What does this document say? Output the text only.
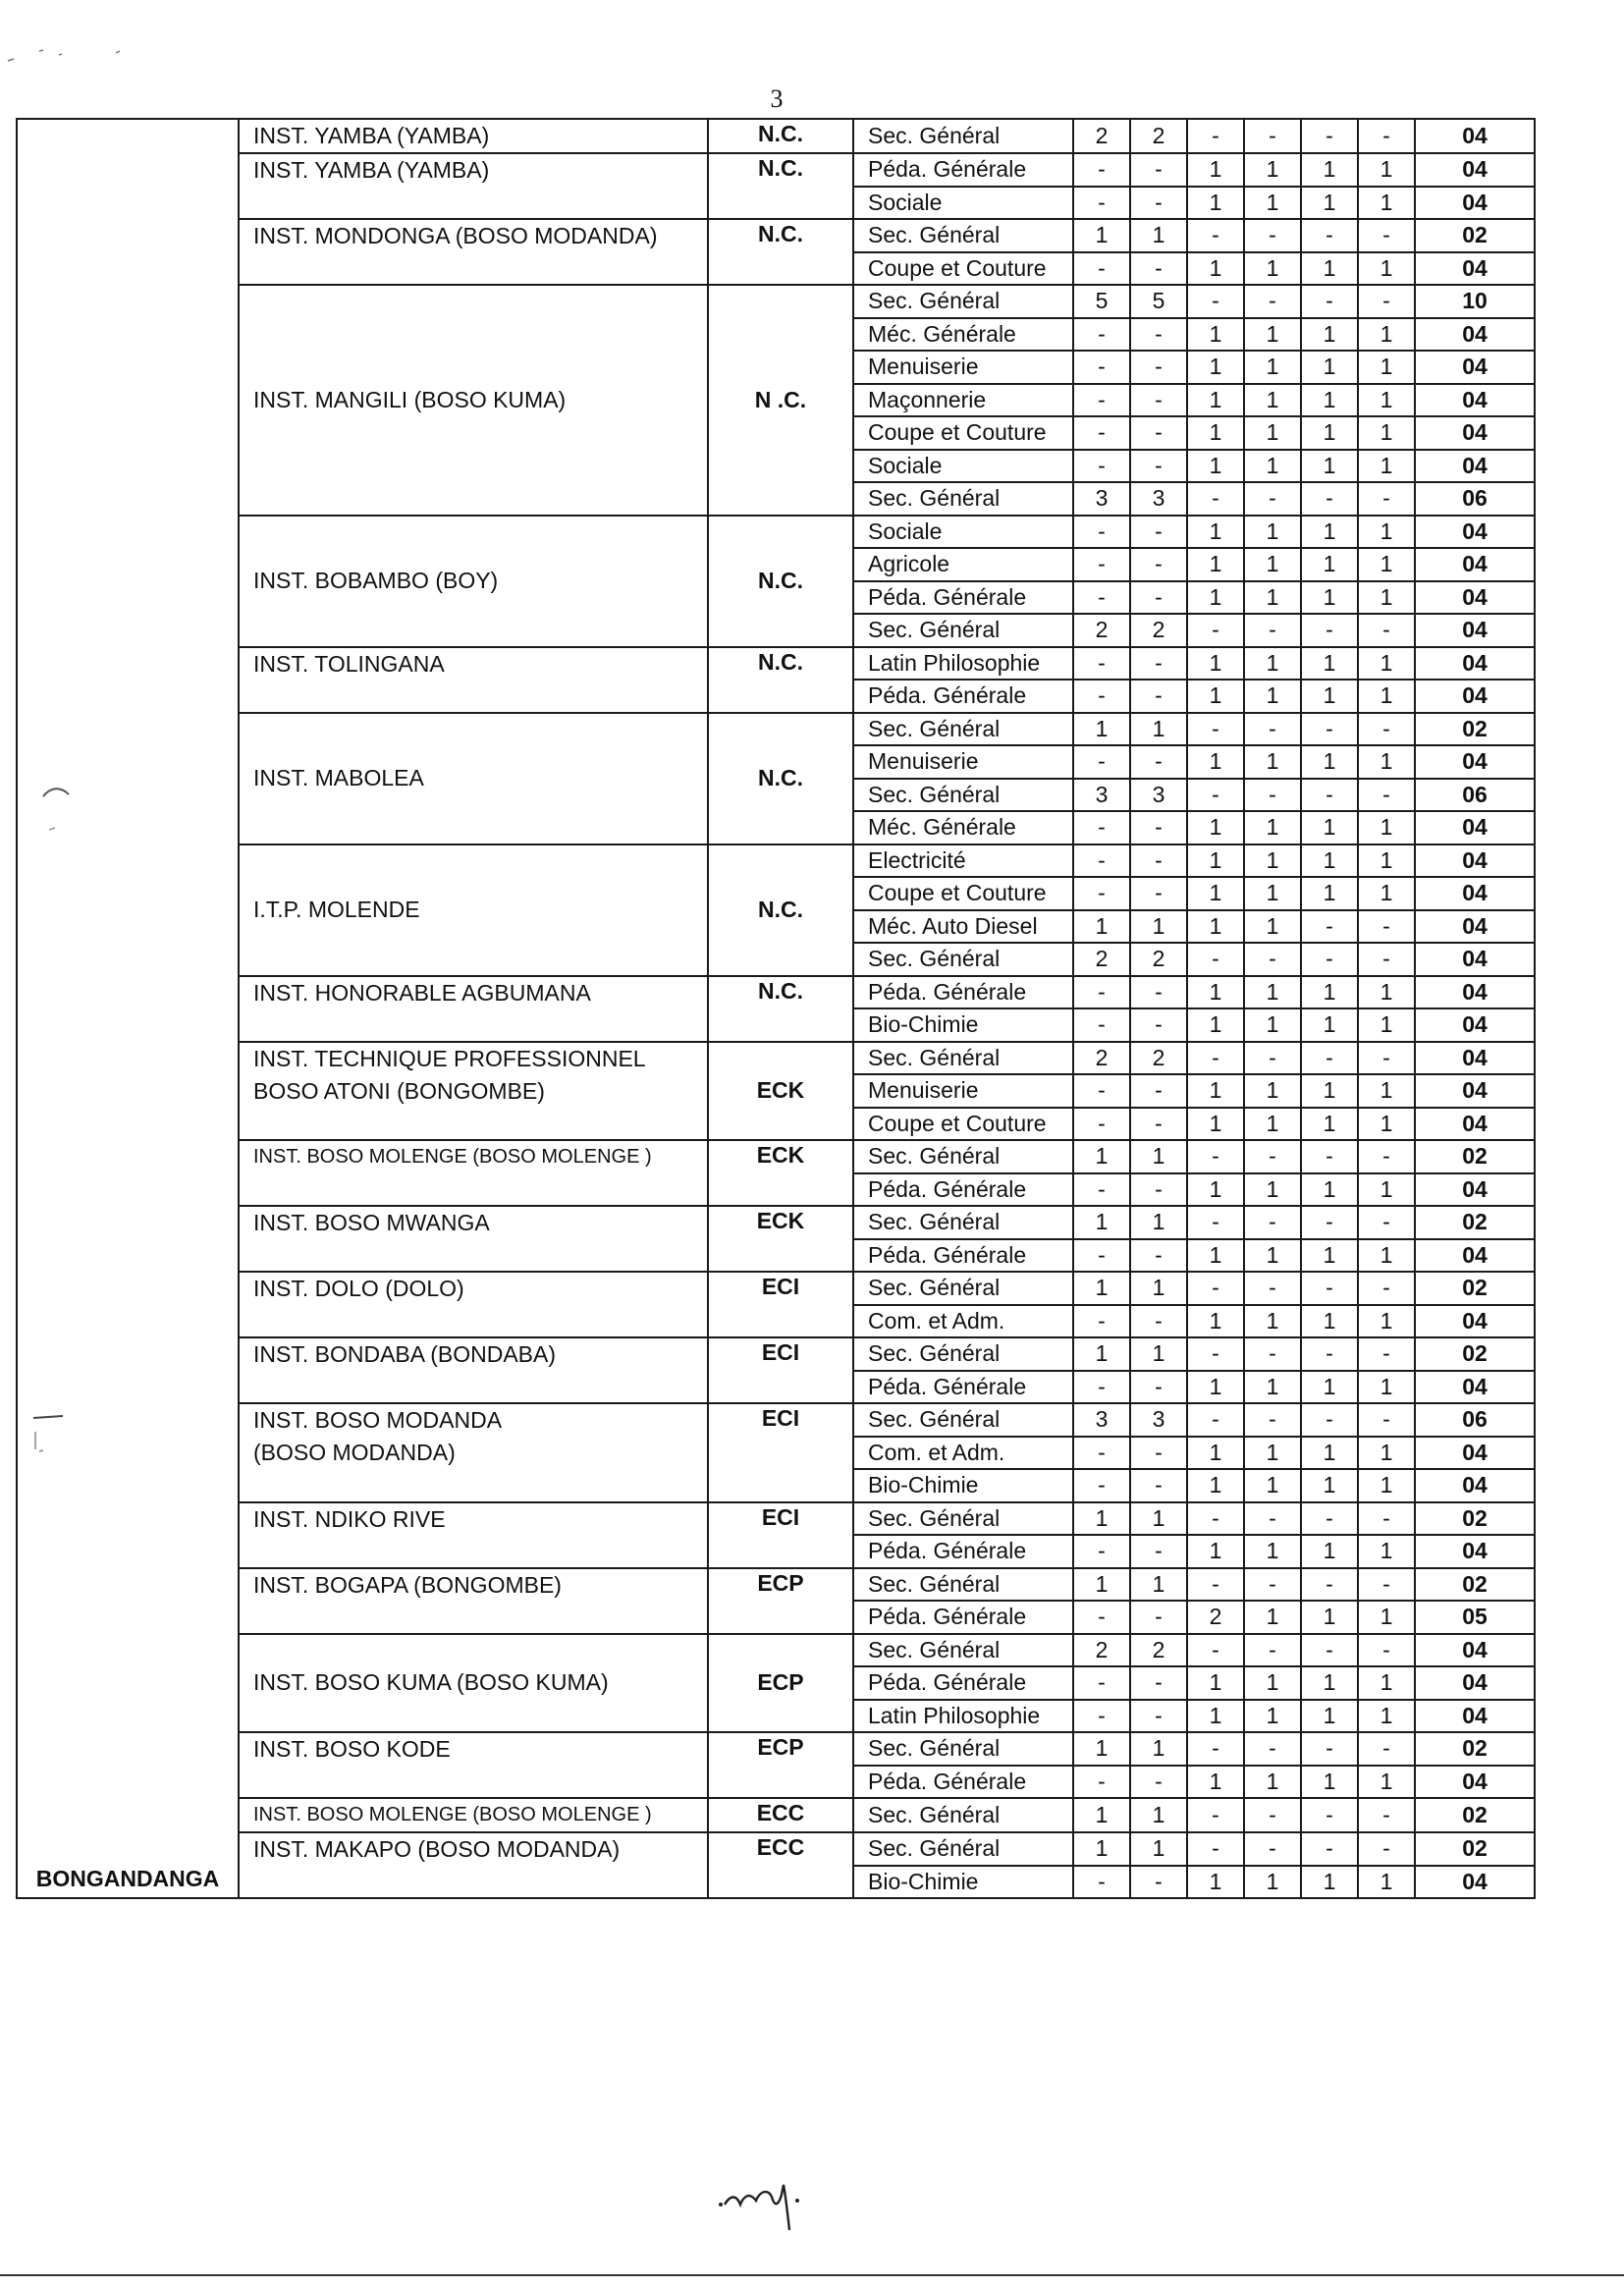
3
BONGANDANGA	INST. YAMBA (YAMBA)	N.C.	Sec. Général	2	2	-	-	-	-	04

	INST. YAMBA (YAMBA)	N.C.	Péda. Générale	-	-	1	1	1	1	04
			Sociale	-	-	1	1	1	1	04

	INST. MONDONGA (BOSO MODANDA)	N.C.	Sec. Général	1	1	-	-	-	-	02
			Coupe et Couture	-	-	1	1	1	1	04

	INST. MANGILI (BOSO KUMA)	N .C.	Sec. Général	5	5	-	-	-	-	10
			Méc. Générale	-	-	1	1	1	1	04
			Menuiserie	-	-	1	1	1	1	04
			Maçonnerie	-	-	1	1	1	1	04
			Coupe et Couture	-	-	1	1	1	1	04
			Sociale	-	-	1	1	1	1	04
			Sec. Général	3	3	-	-	-	-	06

	INST. BOBAMBO (BOY)	N.C.	Sociale	-	-	1	1	1	1	04
			Agricole	-	-	1	1	1	1	04
			Péda. Générale	-	-	1	1	1	1	04
			Sec. Général	2	2	-	-	-	-	04

	INST. TOLINGANA	N.C.	Latin Philosophie	-	-	1	1	1	1	04
			Péda. Générale	-	-	1	1	1	1	04

	INST. MABOLEA	N.C.	Sec. Général	1	1	-	-	-	-	02
			Menuiserie	-	-	1	1	1	1	04
			Sec. Général	3	3	-	-	-	-	06
			Méc. Générale	-	-	1	1	1	1	04

	I.T.P. MOLENDE	N.C.	Electricité	-	-	1	1	1	1	04
			Coupe et Couture	-	-	1	1	1	1	04
			Méc. Auto Diesel	1	1	1	1	-	-	04
			Sec. Général	2	2	-	-	-	-	04

	INST. HONORABLE AGBUMANA	N.C.	Péda. Générale	-	-	1	1	1	1	04
			Bio-Chimie	-	-	1	1	1	1	04

	INST. TECHNIQUE PROFESSIONNEL
BOSO ATONI (BONGOMBE)	ECK	Sec. Général	2	2	-	-	-	-	04
			Menuiserie	-	-	1	1	1	1	04
			Coupe et Couture	-	-	1	1	1	1	04

	INST. BOSO MOLENGE (BOSO MOLENGE )	ECK	Sec. Général	1	1	-	-	-	-	02
			Péda. Générale	-	-	1	1	1	1	04

	INST. BOSO MWANGA	ECK	Sec. Général	1	1	-	-	-	-	02
			Péda. Générale	-	-	1	1	1	1	04

	INST. DOLO (DOLO)	ECI	Sec. Général	1	1	-	-	-	-	02
			Com. et Adm.	-	-	1	1	1	1	04

	INST. BONDABA (BONDABA)	ECI	Sec. Général	1	1	-	-	-	-	02
			Péda. Générale	-	-	1	1	1	1	04

	INST. BOSO MODANDA
(BOSO MODANDA)	ECI	Sec. Général	3	3	-	-	-	-	06
			Com. et Adm.	-	-	1	1	1	1	04
			Bio-Chimie	-	-	1	1	1	1	04

	INST. NDIKO RIVE	ECI	Sec. Général	1	1	-	-	-	-	02
			Péda. Générale	-	-	1	1	1	1	04

	INST. BOGAPA (BONGOMBE)	ECP	Sec. Général	1	1	-	-	-	-	02
			Péda. Générale	-	-	2	1	1	1	05

	INST. BOSO KUMA (BOSO KUMA)	ECP	Sec. Général	2	2	-	-	-	-	04
			Péda. Générale	-	-	1	1	1	1	04
			Latin Philosophie	-	-	1	1	1	1	04

	INST. BOSO KODE	ECP	Sec. Général	1	1	-	-	-	-	02
			Péda. Générale	-	-	1	1	1	1	04

	INST. BOSO MOLENGE (BOSO MOLENGE )	ECC	Sec. Général	1	1	-	-	-	-	02

	INST. MAKAPO (BOSO MODANDA)	ECC	Sec. Général	1	1	-	-	-	-	02
			Bio-Chimie	-	-	1	1	1	1	04
